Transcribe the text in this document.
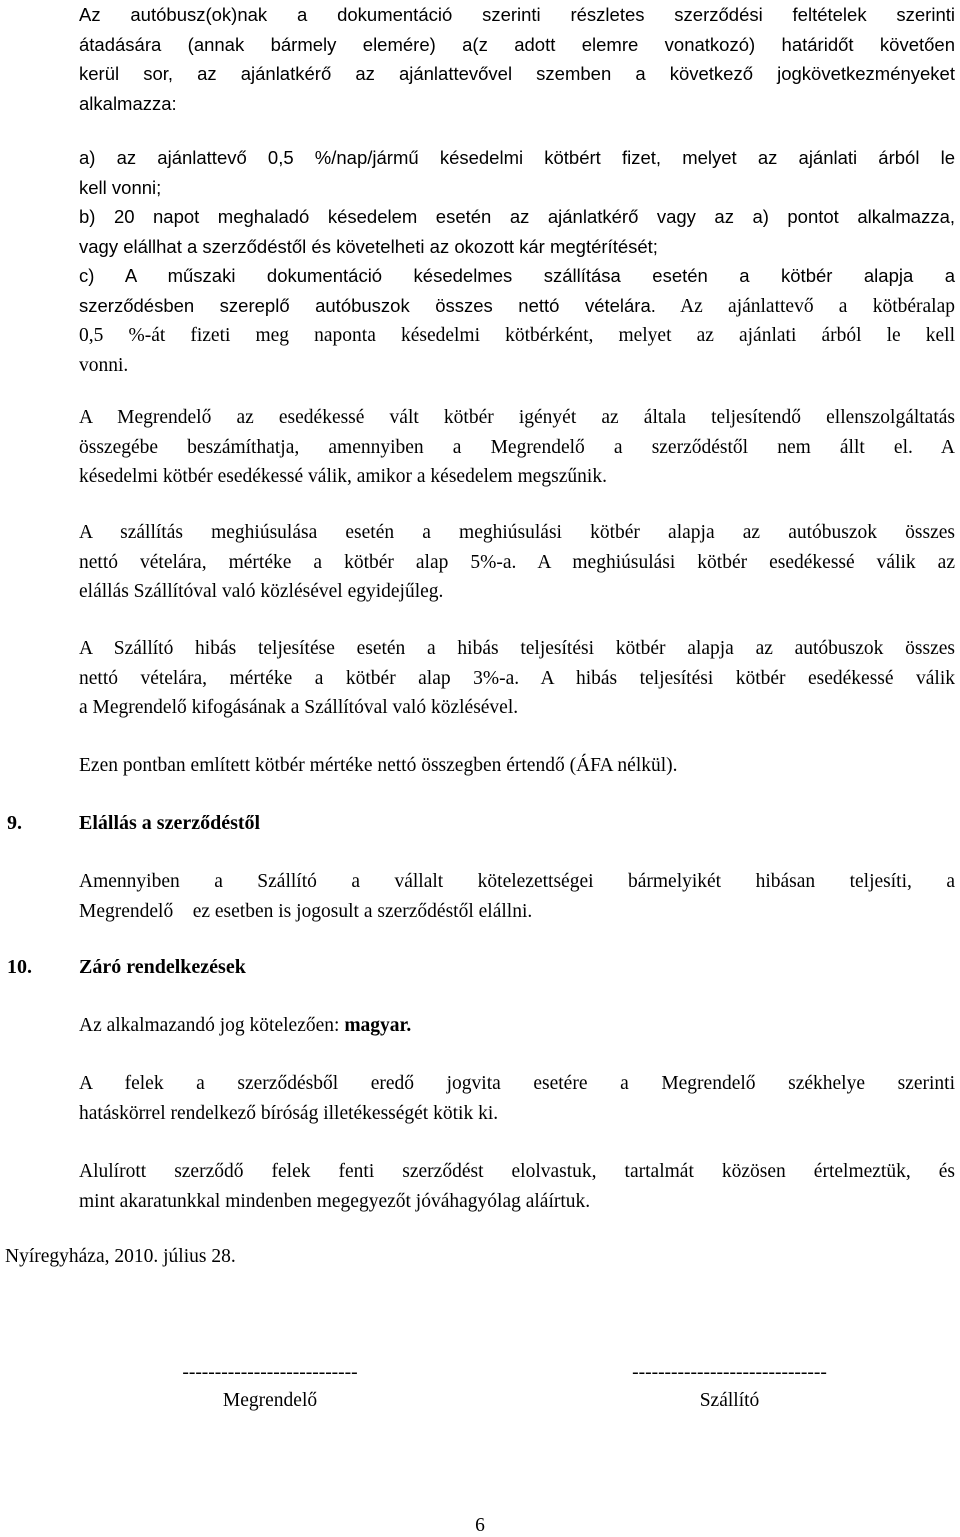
Az autóbusz(ok)nak a dokumentáció szerinti részletes szerződési feltételek szerinti
átadására (annak bármely elemére) a(z adott elemre vonatkozó) határidőt követően
kerül sor, az ajánlatkérő az ajánlattevővel szemben a következő jogkövetkezményeket
alkalmazza:
a) az ajánlattevő 0,5 %/nap/jármű késedelmi kötbért fizet, melyet az ajánlati árból le
kell vonni;
b) 20 napot meghaladó késedelem esetén az ajánlatkérő vagy az a) pontot alkalmazza,
vagy elállhat a szerződéstől és követelheti az okozott kár megtérítését;
c) A műszaki dokumentáció késedelmes szállítása esetén a kötbér alapja a
szerződésben szereplő autóbuszok összes nettó vételára. Az ajánlattevő a kötbéralap
0,5 %-át fizeti meg naponta késedelmi kötbérként, melyet az ajánlati árból le kell
vonni.
A Megrendelő az esedékessé vált kötbér igényét az általa teljesítendő ellenszolgáltatás
összegébe beszámíthatja, amennyiben a Megrendelő a szerződéstől nem állt el. A
késedelmi kötbér esedékessé válik, amikor a késedelem megszűnik.
A szállítás meghiúsulása esetén a meghiúsulási kötbér alapja az autóbuszok összes
nettó vételára, mértéke a kötbér alap 5%-a. A meghiúsulási kötbér esedékessé válik az
elállás Szállítóval való közlésével egyidejűleg.
A Szállító hibás teljesítése esetén a hibás teljesítési kötbér alapja az autóbuszok összes
nettó vételára, mértéke a kötbér alap 3%-a. A hibás teljesítési kötbér esedékessé válik
a Megrendelő kifogásának a Szállítóval való közlésével.
Ezen pontban említett kötbér mértéke nettó összegben értendő (ÁFA nélkül).
9.	Elállás a szerződéstől
Amennyiben a Szállító a vállalt kötelezettségei bármelyikét hibásan teljesíti, a
Megrendelő    ez esetben is jogosult a szerződéstől elállni.
10. Záró rendelkezések
Az alkalmazandó jog kötelezően: magyar.
A felek a szerződésből eredő jogvita esetére a Megrendelő székhelye szerinti
hatáskörrel rendelkező bíróság illetékességét kötik ki.
Alulírott szerződő felek fenti szerződést elolvastuk, tartalmát közösen értelmeztük, és
mint akaratunkkal mindenben megegyezőt jóváhagyólag aláírtuk.
Nyíregyháza, 2010. július 28.
---------------------------
Megrendelő
------------------------------
Szállító
6
